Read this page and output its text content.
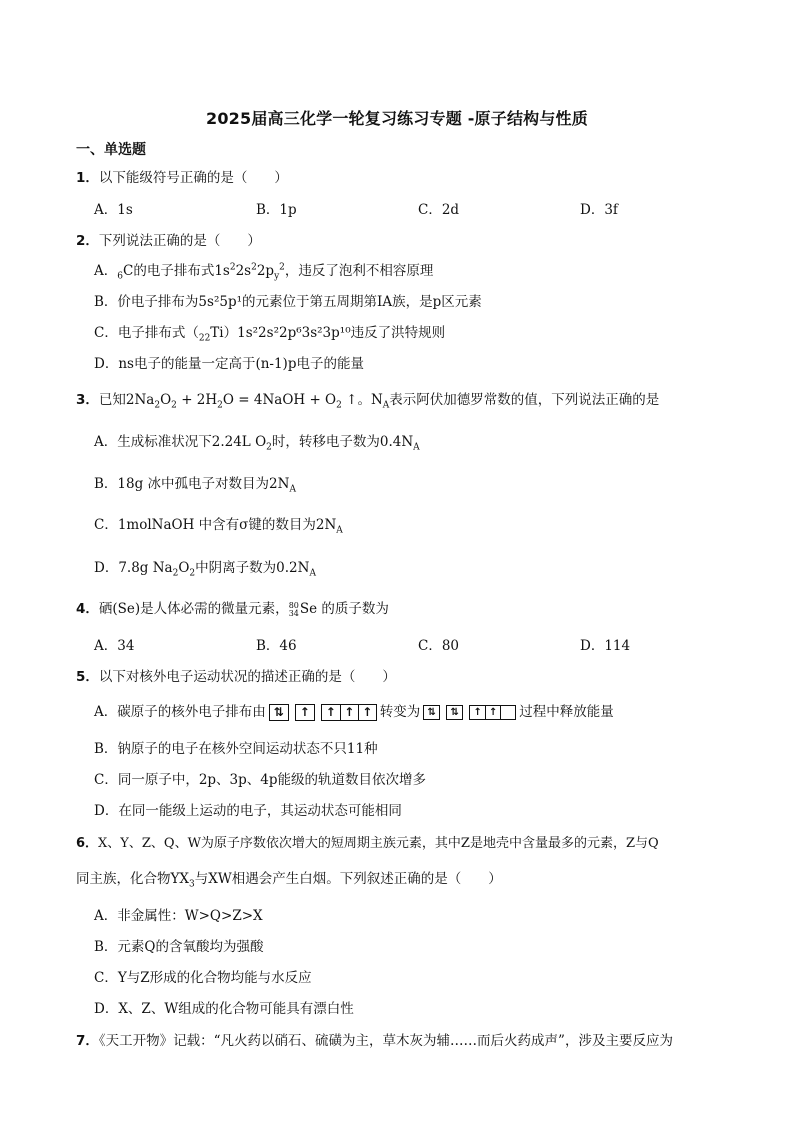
2025届高三化学一轮复习练习专题 -原子结构与性质
一、单选题
1．以下能级符号正确的是（　　）
A．1s	B．1p	C．2d	D．3f
2．下列说法正确的是（　　）
A．$_6$C的电子排布式$1s^22s^22p_y^2$，违反了泡利不相容原理
B．价电子排布为5s²5p¹的元素位于第五周期第ⅠA族，是p区元素
C．电子排布式$(_{22}Ti)1s^22s^22p^63s^23p^{10}$违反了洪特规则
D．ns电子的能量一定高于(n-1)p电子的能量
3．已知$2Na_2O_2 + 2H_2O$ = 4NaOH + $O_2$ ↑。$N_A$表示阿伏加德罗常数的值，下列说法正确的是
A．生成标准状况下2.24L $O_2$时，转移电子数为$0.4N_A$
B．18g 冰中孤电子对数目为$2N_A$
C．1molNaOH 中含有σ键的数目为$2N_A$
D．7.8g $Na_2O_2$中阴离子数为$0.2N_A$
4．硒(Se)是人体必需的微量元素，80
34Se 的质子数为
A．34	B．46	C．80	D．114
5．以下对核外电子运动状况的描述正确的是（　　）
A．碳原子的核外电子排布由 ⇅	↑	↑ ↑ ↑ 转变为 ⇅	⇅	↑ ↑ 过程中释放能量
B．钠原子的电子在核外空间运动状态不只11种
C．同一原子中，2p、3p、4p能级的轨道数目依次增多
D．在同一能级上运动的电子，其运动状态可能相同
6．X、Y、Z、Q、W为原子序数依次增大的短周期主族元素，其中Z是地壳中含量最多的元素，Z与Q
同主族，化合物$YX_3$与XW相遇会产生白烟。下列叙述正确的是（　　）
A．非金属性：W>Q>Z>X
B．元素Q的含氧酸均为强酸
C．Y与Z形成的化合物均能与水反应
D．X、Z、W组成的化合物可能具有漂白性
7．《天工开物》记载：“凡火药以硝石、硫磺为主，草木灰为辅……而后火药成声”，涉及主要反应为
